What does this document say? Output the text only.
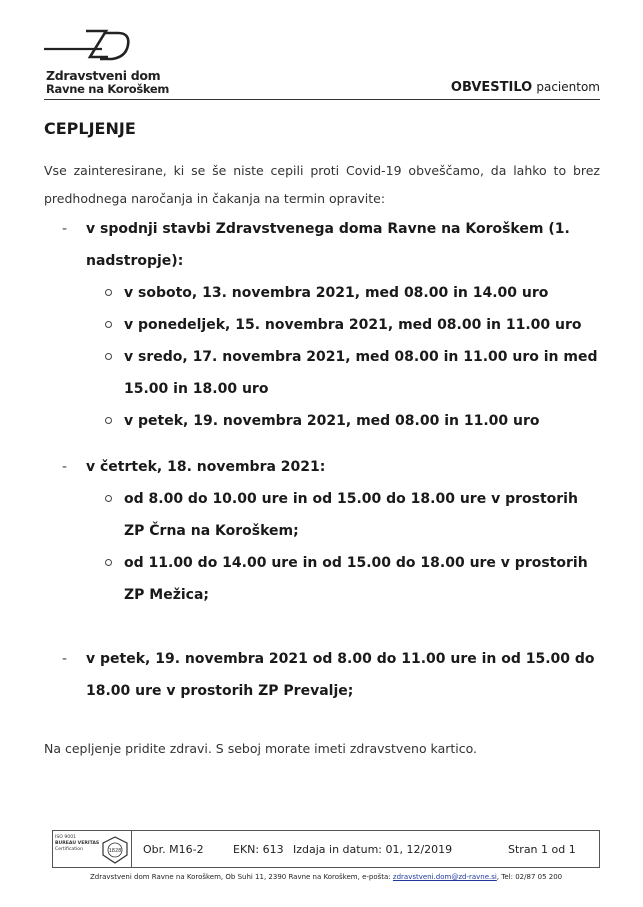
Zdravstveni dom
Ravne na Koroškem	OBVESTILO pacientom
CEPLJENJE
Vse zainteresirane, ki se še niste cepili proti Covid-19 obveščamo, da lahko to brez predhodnega naročanja in čakanja na termin opravite:
- v spodnji stavbi Zdravstvenega doma Ravne na Koroškem (1. nadstropje):
v soboto, 13. novembra 2021, med 08.00 in 14.00 uro
v ponedeljek, 15. novembra 2021, med 08.00 in 11.00 uro
v sredo, 17. novembra 2021, med 08.00 in 11.00 uro in med 15.00 in 18.00 uro
v petek, 19. novembra 2021, med 08.00 in 11.00 uro
- v četrtek, 18. novembra 2021:
od 8.00 do 10.00 ure in od 15.00 do 18.00 ure v prostorih ZP Črna na Koroškem;
od 11.00 do 14.00 ure in od 15.00 do 18.00 ure v prostorih ZP Mežica;
- v petek, 19. novembra 2021 od 8.00 do 11.00 ure in od 15.00 do 18.00 ure v prostorih ZP Prevalje;
Na cepljenje pridite zdravi. S seboj morate imeti zdravstveno kartico.
ISO 9001
BUREAU VERITAS
Certification	1828 Obr. M16-2	EKN: 613 Izdaja in datum: 01, 12/2019	Stran 1 od 1
Zdravstveni dom Ravne na Koroškem, Ob Suhi 11, 2390 Ravne na Koroškem, e-pošta: zdravstveni.dom@zd-ravne.si, Tel: 02/87 05 200
